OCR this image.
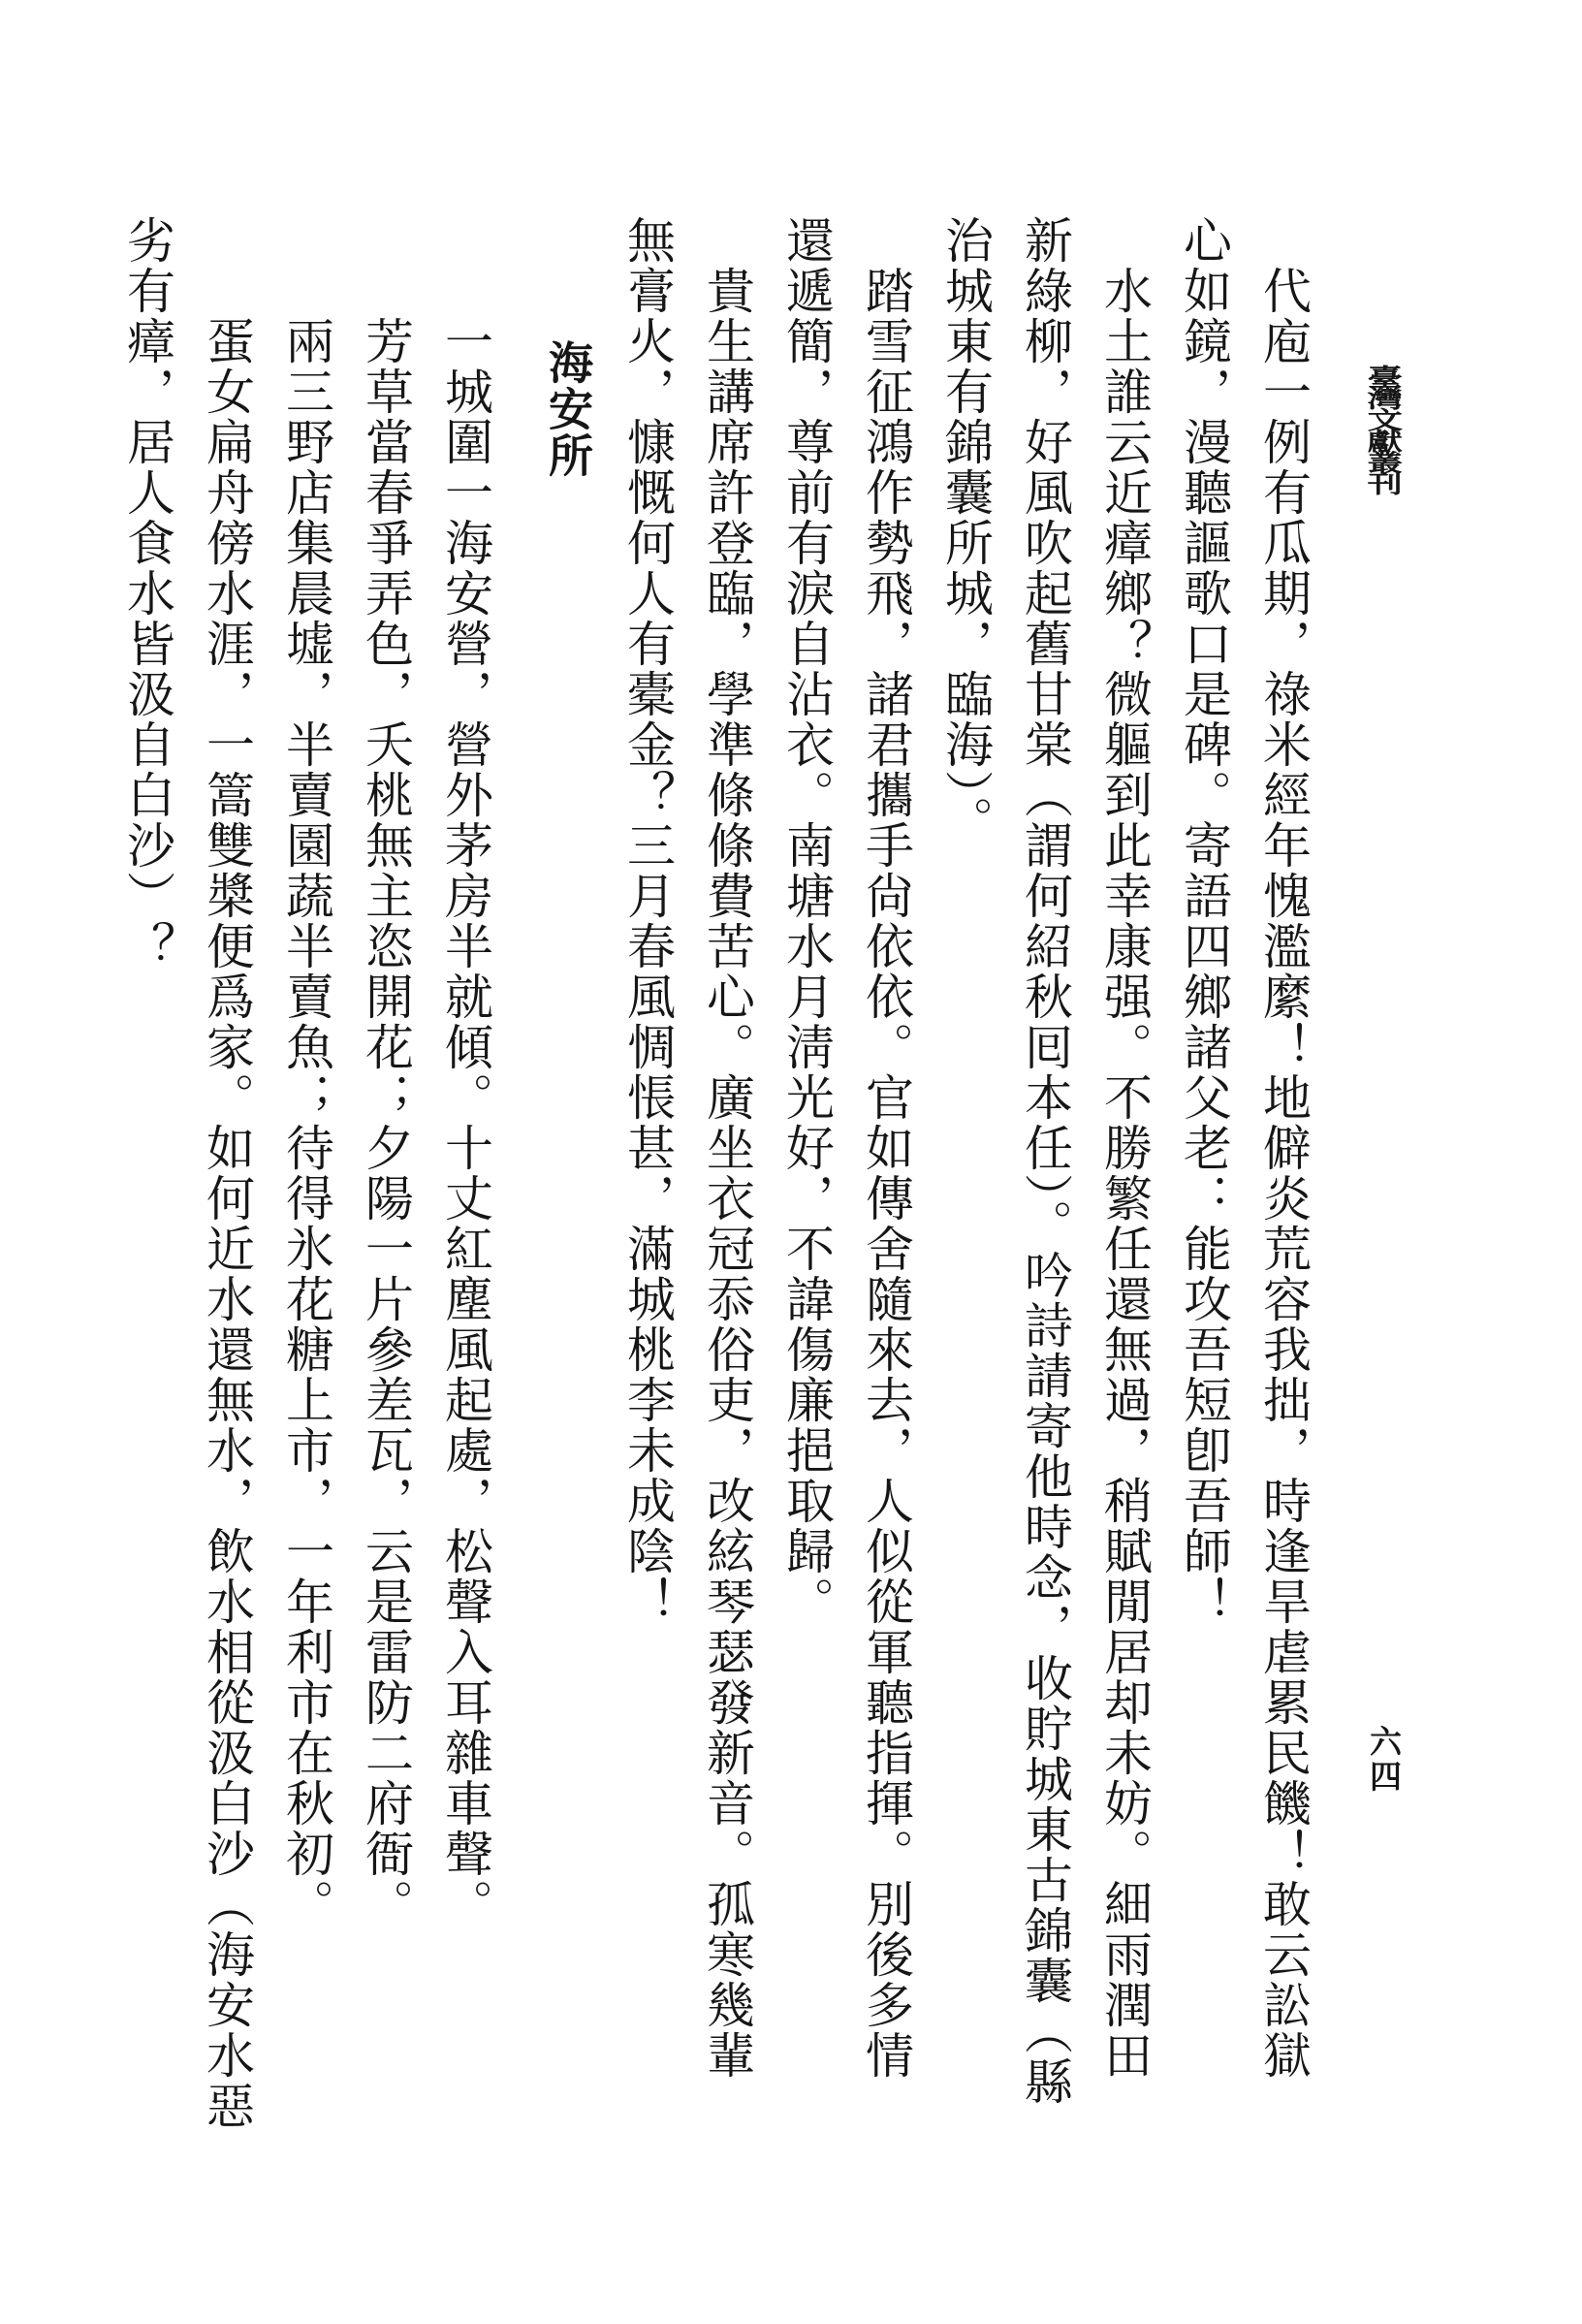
臺灣文獻叢刊
六四
代庖一例有瓜期，祿米經年愧濫縻！地僻炎荒容我拙，時逢旱虐累民饑！敢云訟獄
心如鏡，漫聽謳歌口是碑。寄語四鄉諸父老：能攻吾短卽吾師！
水土誰云近瘴鄉？微軀到此幸康强。不勝繁任還無過，稍賦閒居却未妨。細雨潤田
新綠柳，好風吹起舊甘棠（謂何紹秋囘本任）。吟詩請寄他時念，收貯城東古錦囊（縣
治城東有錦囊所城，臨海）。
踏雪征鴻作勢飛，諸君攜手尙依依。官如傳舍隨來去，人似從軍聽指揮。別後多情
還遞簡，尊前有淚自沾衣。南塘水月淸光好，不諱傷廉挹取歸。
貴生講席許登臨，學準條條費苦心。廣坐衣冠忝俗吏，改絃琴瑟發新音。孤寒幾輩
無膏火，慷慨何人有橐金？三月春風惆悵甚，滿城桃李未成陰！
海安所
一城圍一海安營，營外茅房半就傾。十丈紅塵風起處，松聲入耳雜車聲。
芳草當春爭弄色，夭桃無主恣開花；夕陽一片參差瓦，云是雷防二府衙。
兩三野店集晨墟，半賣園蔬半賣魚；待得氷花糖上市，一年利市在秋初。
蛋女扁舟傍水涯，一篙雙槳便爲家。如何近水還無水，飲水相從汲白沙（海安水惡
劣有瘴，居人食水皆汲自白沙）？
